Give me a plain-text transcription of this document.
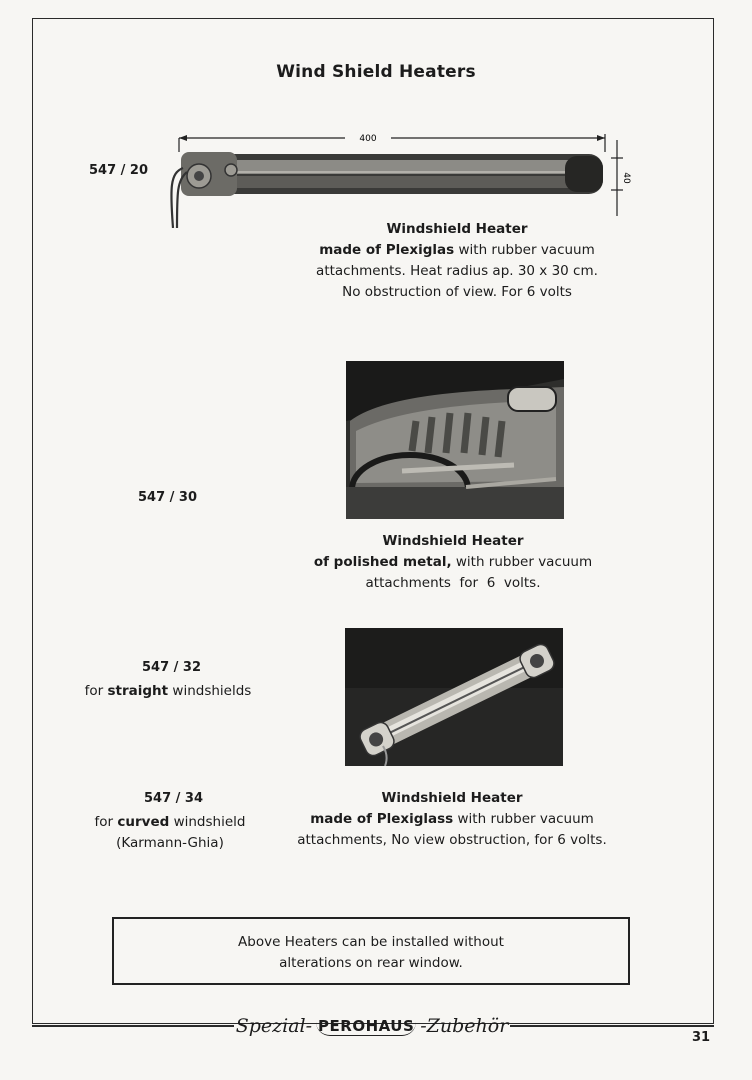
Wind Shield Heaters
547 / 20
400
40
Windshield Heater
made of Plexiglas with rubber vacuum
attachments. Heat radius ap. 30 x 30 cm.
No obstruction of view. For 6 volts
547 / 30
Windshield Heater
of polished metal, with rubber vacuum
attachments  for  6  volts.
547 / 32
for straight windshields
547 / 34
for curved windshield
(Karmann-Ghia)
Windshield Heater
made of Plexiglass with rubber vacuum
attachments, No view obstruction, for 6 volts.
Above Heaters can be installed without
alterations on rear window.
Spezial- PEROHAUS -Zubehör
31
